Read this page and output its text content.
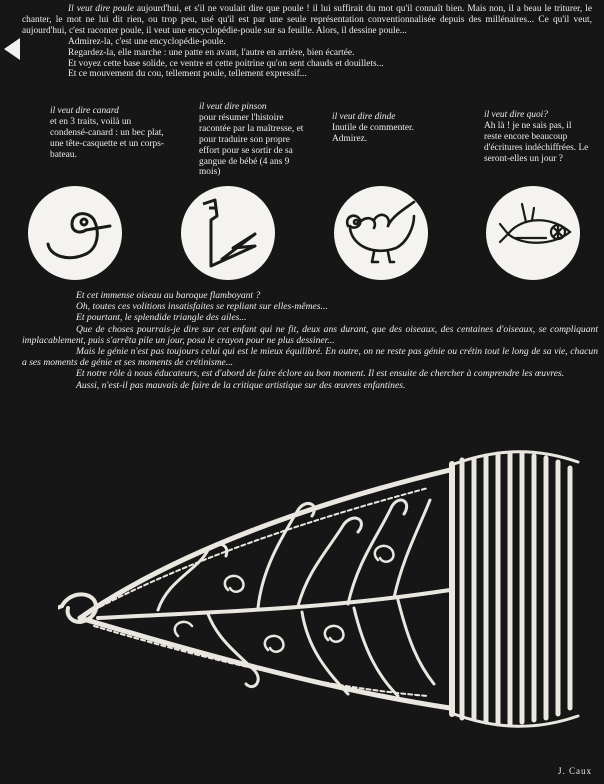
Il veut dire poule aujourd'hui, et s'il ne voulait dire que poule ! il lui suffirait du mot qu'il connaît bien. Mais non, il a beau le triturer, le chanter, le mot ne lui dit rien, ou trop peu, usé qu'il est par une seule représentation conventionnalisée depuis des millénaires... Ce qu'il veut, aujourd'hui, c'est raconter poule, il veut une encyclopédie-poule sur sa feuille. Alors, il dessine poule...

Admirez-la, c'est une encyclopédie-poule.

Regardez-la, elle marche : une patte en avant, l'autre en arrière, bien écartée.

Et voyez cette base solide, ce ventre et cette poitrine qu'on sent chauds et douillets...

Et ce mouvement du cou, tellement poule, tellement expressif...

il veut dire canard

et en 3 traits, voilà un condensé-canard : un bec plat, une tête-casquette et un corps-bateau.

il veut dire pinson

pour résumer l'histoire racontée par la maîtresse, et pour traduire son propre effort pour se sortir de sa gangue de bébé (4 ans 9 mois)

il veut dire dinde

Inutile de commenter. Admirez.

il veut dire quoi?

Ah là ! je ne sais pas, il reste encore beaucoup d'écritures indéchiffrées. Le seront-elles un jour ?

Et cet immense oiseau au baroque flamboyant ?

Oh, toutes ces volitions insatisfaites se repliant sur elles-mêmes...

Et pourtant, le splendide triangle des ailes...

Que de choses pourrais-je dire sur cet enfant qui ne fit, deux ans durant, que des oiseaux, des centaines d'oiseaux, se compliquant implacablement, puis s'arrêta pile un jour, posa le crayon pour ne plus dessiner...

Mais le génie n'est pas toujours celui qui est le mieux équilibré. En outre, on ne reste pas génie ou crétin tout le long de sa vie, chacun a ses moments de génie et ses moments de crétinisme...

Et notre rôle à nous éducateurs, est d'abord de faire éclore au bon moment. Il est ensuite de chercher à comprendre les œuvres.

Aussi, n'est-il pas mauvais de faire de la critique artistique sur des œuvres enfantines.

J. Caux
